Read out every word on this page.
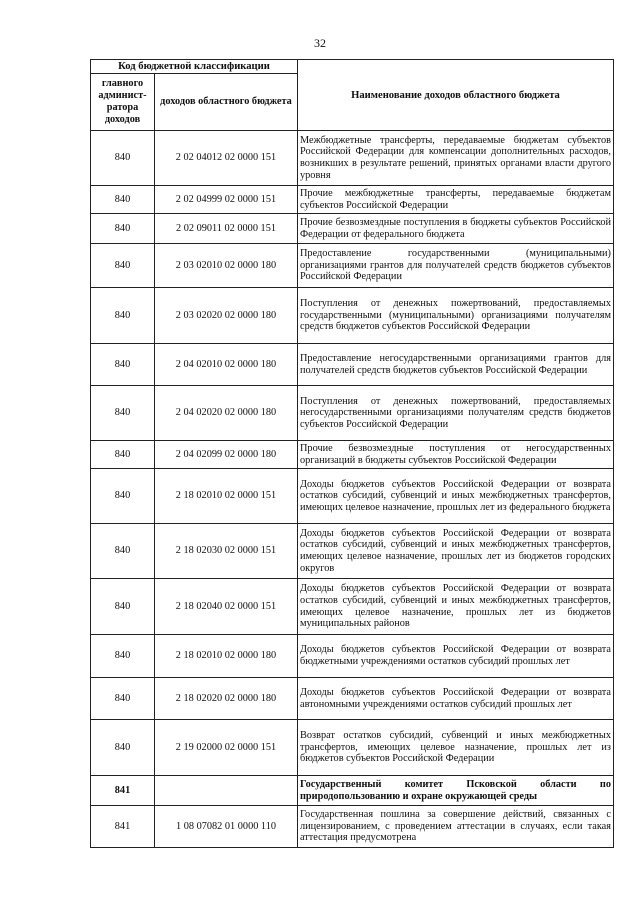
32
Код бюджетной классификации		Наименование доходов областного бюджета
главного админист-ратора доходов	доходов областного бюджета	
840	2 02 04012 02 0000 151	Межбюджетные трансферты, передаваемые бюджетам субъектов Российской Федерации для компенсации дополнительных расходов, возникших в результате решений, принятых органами власти другого уровня
840	2 02 04999 02 0000 151	Прочие межбюджетные трансферты, передаваемые бюджетам субъектов Российской Федерации
840	2 02 09011 02 0000 151	Прочие безвозмездные поступления в бюджеты субъектов Российской Федерации от федерального бюджета
840	2 03 02010 02 0000 180	Предоставление государственными (муниципальными) организациями грантов для получателей средств бюджетов субъектов Российской Федерации
840	2 03 02020 02 0000 180	Поступления от денежных пожертвований, предоставляемых государственными (муниципальными) организациями получателям средств бюджетов субъектов Российской Федерации
840	2 04 02010 02 0000 180	Предоставление негосударственными организациями грантов для получателей средств бюджетов субъектов Российской Федерации
840	2 04 02020 02 0000 180	Поступления от денежных пожертвований, предоставляемых негосударственными организациями получателям средств бюджетов субъектов Российской Федерации
840	2 04 02099 02 0000 180	Прочие безвозмездные поступления от негосударственных организаций в бюджеты субъектов Российской Федерации
840	2 18 02010 02 0000 151	Доходы бюджетов субъектов Российской Федерации от возврата остатков субсидий, субвенций и иных межбюджетных трансфертов, имеющих целевое назначение, прошлых лет из федерального бюджета
840	2 18 02030 02 0000 151	Доходы бюджетов субъектов Российской Федерации от возврата остатков субсидий, субвенций и иных межбюджетных трансфертов, имеющих целевое назначение, прошлых лет из бюджетов городских округов
840	2 18 02040 02 0000 151	Доходы бюджетов субъектов Российской Федерации от возврата остатков субсидий, субвенций и иных межбюджетных трансфертов, имеющих целевое назначение, прошлых лет из бюджетов муниципальных районов
840	2 18 02010 02 0000 180	Доходы бюджетов субъектов Российской Федерации от возврата бюджетными учреждениями остатков субсидий прошлых лет
840	2 18 02020 02 0000 180	Доходы бюджетов субъектов Российской Федерации от возврата автономными учреждениями остатков субсидий прошлых лет
840	2 19 02000 02 0000 151	Возврат остатков субсидий, субвенций и иных межбюджетных трансфертов, имеющих целевое назначение, прошлых лет из бюджетов субъектов Российской Федерации
841		Государственный комитет Псковской области по природопользованию и охране окружающей среды
841	1 08 07082 01 0000 110	Государственная пошлина за совершение действий, связанных с лицензированием, с проведением аттестации в случаях, если такая аттестация предусмотрена
